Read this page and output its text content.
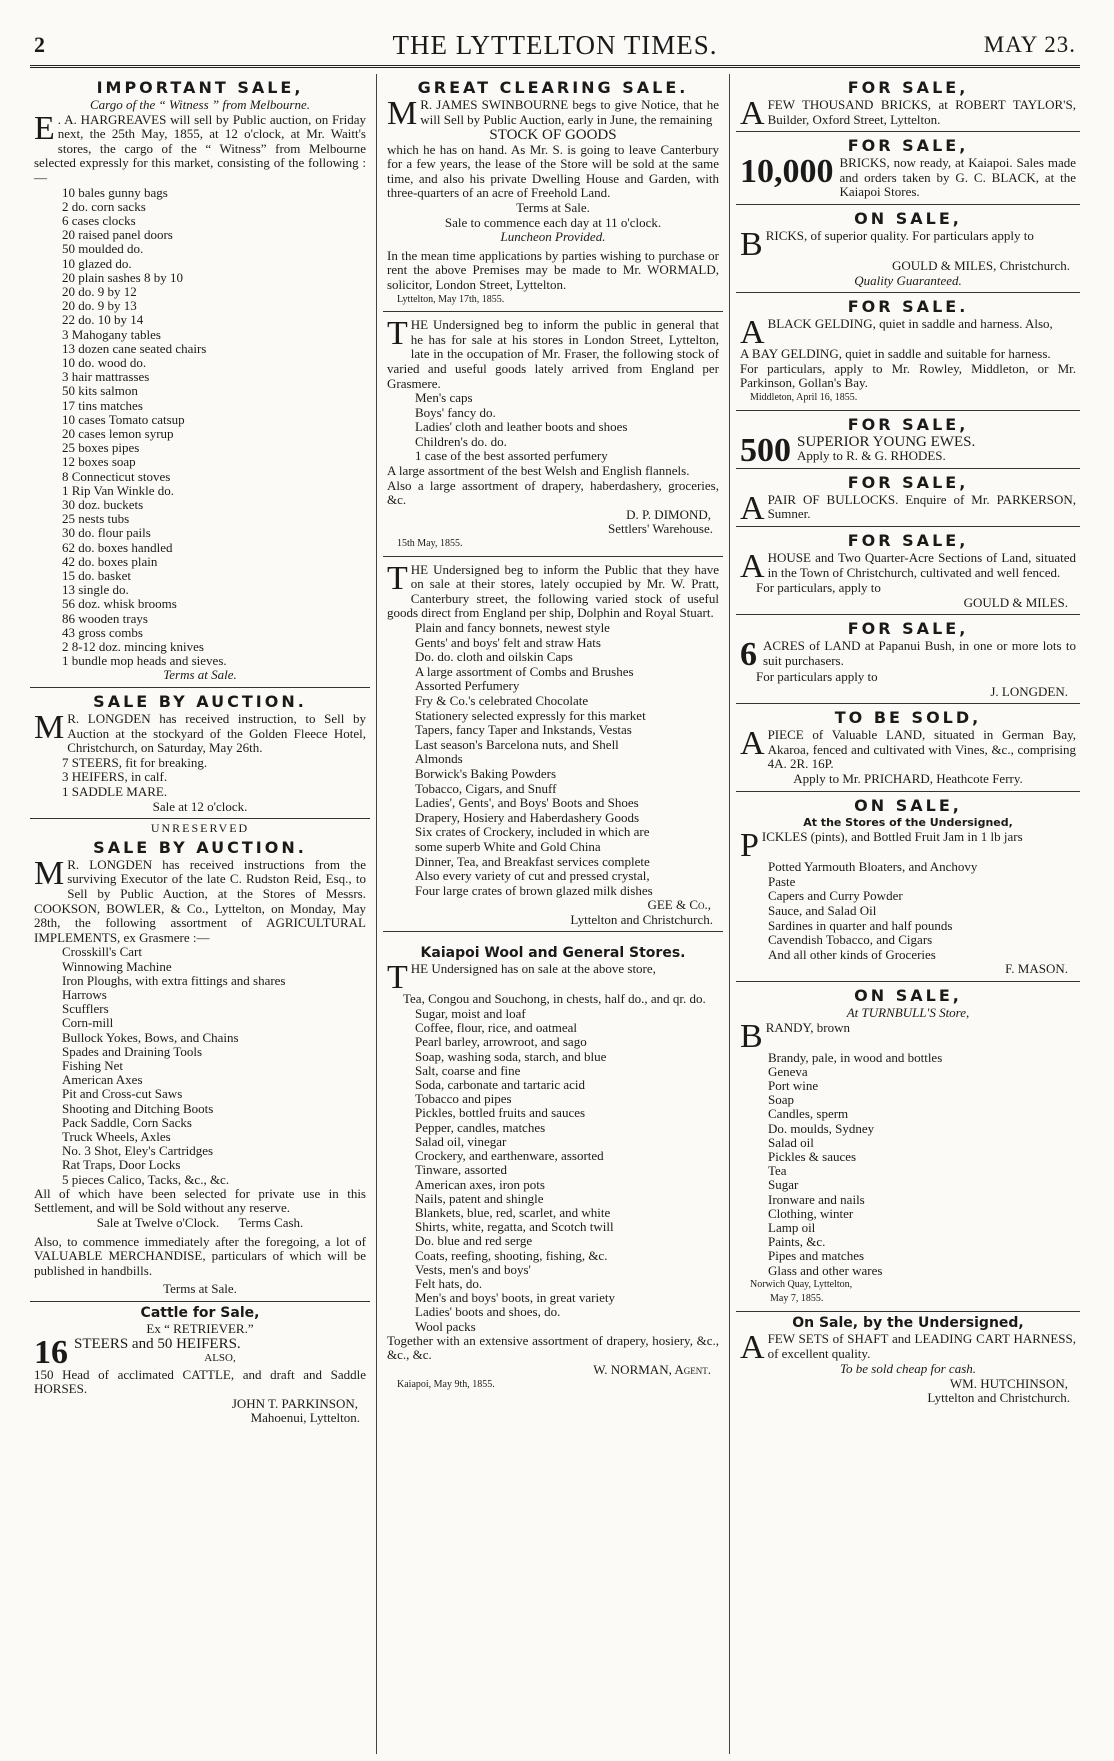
2	THE LYTTELTON TIMES.	MAY 23.
IMPORTANT SALE,
Cargo of the “ Witness ” from Melbourne.

E . A. HARGREAVES will sell by Public auction, on Friday next, the 25th May, 1855, at 12 o'clock, at Mr. Waitt's stores, the cargo of the “ Witness” from Melbourne selected expressly for this market, consisting of the following :—

10 bales gunny bags
2 do. corn sacks
6 cases clocks
20 raised panel doors
50 moulded do.
10 glazed do.
20 plain sashes 8 by 10
20 do. 9 by 12
20 do. 9 by 13
22 do. 10 by 14
3 Mahogany tables
13 dozen cane seated chairs
10 do. wood do.
3 hair mattrasses
50 kits salmon
17 tins matches
10 cases Tomato catsup
20 cases lemon syrup
25 boxes pipes
12 boxes soap
8 Connecticut stoves
1 Rip Van Winkle do.
30 doz. buckets
25 nests tubs
30 do. flour pails
62 do. boxes handled
42 do. boxes plain
15 do. basket
13 single do.
56 doz. whisk brooms
86 wooden trays
43 gross combs
2 8-12 doz. mincing knives
1 bundle mop heads and sieves.
Terms at Sale.
SALE BY AUCTION.

M R. LONGDEN has received instruction, to Sell by Auction at the stockyard of the Golden Fleece Hotel, Christchurch, on Saturday, May 26th.

7 STEERS, fit for breaking.
3 HEIFERS, in calf.
1 SADDLE MARE.
Sale at 12 o'clock.
UNRESERVED
SALE BY AUCTION.

M R. LONGDEN has received instructions from the surviving Executor of the late C. Rudston Reid, Esq., to Sell by Public Auction, at the Stores of Messrs. COOKSON, BOWLER, & Co., Lyttelton, on Monday, May 28th, the following assortment of AGRICULTURAL IMPLEMENTS, ex Grasmere :—

Crosskill's Cart
Winnowing Machine
Iron Ploughs, with extra fittings and shares
Harrows
Scufflers
Corn-mill
Bullock Yokes, Bows, and Chains
Spades and Draining Tools
Fishing Net
American Axes
Pit and Cross-cut Saws
Shooting and Ditching Boots
Pack Saddle, Corn Sacks
Truck Wheels, Axles
No. 3 Shot, Eley's Cartridges
Rat Traps, Door Locks
5 pieces Calico, Tacks, &c., &c.

All of which have been selected for private use in this Settlement, and will be Sold without any reserve.

Sale at Twelve o'Clock.      Terms Cash.

Also, to commence immediately after the foregoing, a lot of VALUABLE MERCHANDISE, particulars of which will be published in handbills.

Terms at Sale.
Cattle for Sale,
Ex “ RETRIEVER.”

16 STEERS and 50 HEIFERS.

ALSO,

150 Head of acclimated CATTLE, and draft and Saddle HORSES.

JOHN T. PARKINSON,
Mahoenui, Lyttelton.
GREAT CLEARING SALE.

M R. JAMES SWINBOURNE begs to give Notice, that he will Sell by Public Auction, early in June, the remaining

STOCK OF GOODS

which he has on hand. As Mr. S. is going to leave Canterbury for a few years, the lease of the Store will be sold at the same time, and also his private Dwelling House and Garden, with three-quarters of an acre of Freehold Land.

Terms at Sale.
Sale to commence each day at 11 o'clock.
Luncheon Provided.

In the mean time applications by parties wishing to purchase or rent the above Premises may be made to Mr. WORMALD, solicitor, London Street, Lyttelton.

Lyttelton, May 17th, 1855.

THE Undersigned beg to inform the public in general that he has for sale at his stores in London Street, Lyttelton, late in the occupation of Mr. Fraser, the following stock of varied and useful goods lately arrived from England per Grasmere.

Men's caps
Boys' fancy do.
Ladies' cloth and leather boots and shoes
Children's do. do.
1 case of the best assorted perfumery

A large assortment of the best Welsh and English flannels.

Also a large assortment of drapery, haberdashery, groceries, &c.

D. P. DIMOND,
Settlers' Warehouse.
15th May, 1855.

THE Undersigned beg to inform the Public that they have on sale at their stores, lately occupied by Mr. W. Pratt, Canterbury street, the following varied stock of useful goods direct from England per ship, Dolphin and Royal Stuart.

Plain and fancy bonnets, newest style
Gents' and boys' felt and straw Hats
Do. do. cloth and oilskin Caps
A large assortment of Combs and Brushes
Assorted Perfumery
Fry & Co.'s celebrated Chocolate
Stationery selected expressly for this market
Tapers, fancy Taper and Inkstands, Vestas
Last season's Barcelona nuts, and Shell
Almonds
Borwick's Baking Powders
Tobacco, Cigars, and Snuff
Ladies', Gents', and Boys' Boots and Shoes
Drapery, Hosiery and Haberdashery Goods
Six crates of Crockery, included in which are
some superb White and Gold China
Dinner, Tea, and Breakfast services complete
Also every variety of cut and pressed crystal,
Four large crates of brown glazed milk dishes
GEE & Co.,
Lyttelton and Christchurch.
Kaiapoi Wool and General Stores.

THE Undersigned has on sale at the above store,

Tea, Congou and Souchong, in chests, half do., and qr. do.

Sugar, moist and loaf
Coffee, flour, rice, and oatmeal
Pearl barley, arrowroot, and sago
Soap, washing soda, starch, and blue
Salt, coarse and fine
Soda, carbonate and tartaric acid
Tobacco and pipes
Pickles, bottled fruits and sauces
Pepper, candles, matches
Salad oil, vinegar
Crockery, and earthenware, assorted
Tinware, assorted
American axes, iron pots
Nails, patent and shingle
Blankets, blue, red, scarlet, and white
Shirts, white, regatta, and Scotch twill
Do. blue and red serge
Coats, reefing, shooting, fishing, &c.
Vests, men's and boys'
Felt hats, do.
Men's and boys' boots, in great variety
Ladies' boots and shoes, do.
Wool packs

Together with an extensive assortment of drapery, hosiery, &c., &c., &c.

W. NORMAN, Agent.
Kaiapoi, May 9th, 1855.
FOR SALE,

AFEW THOUSAND BRICKS, at ROBERT TAYLOR'S, Builder, Oxford Street, Lyttelton.

FOR SALE,

10,000 BRICKS, now ready, at Kaiapoi. Sales made and orders taken by G. C. BLACK, at the Kaiapoi Stores.

ON SALE,

BRICKS, of superior quality. For particulars apply to

GOULD & MILES, Christchurch.
Quality Guaranteed.
FOR SALE.

ABLACK GELDING, quiet in saddle and harness. Also,

A BAY GELDING, quiet in saddle and suitable for harness.

For particulars, apply to Mr. Rowley, Middleton, or Mr. Parkinson, Gollan's Bay.

Middleton, April 16, 1855.
FOR SALE,

500 SUPERIOR YOUNG EWES.
Apply to R. & G. RHODES.

FOR SALE,

APAIR OF BULLOCKS. Enquire of Mr. PARKERSON, Sumner.

FOR SALE,

AHOUSE and Two Quarter-Acre Sections of Land, situated in the Town of Christchurch, cultivated and well fenced.

For particulars, apply to
GOULD & MILES.
FOR SALE,

6 ACRES of LAND at Papanui Bush, in one or more lots to suit purchasers.

For particulars apply to
J. LONGDEN.
TO BE SOLD,

APIECE of Valuable LAND, situated in German Bay, Akaroa, fenced and cultivated with Vines, &c., comprising 4A. 2R. 16P.

Apply to Mr. PRICHARD, Heathcote Ferry.
ON SALE,
At the Stores of the Undersigned,

PICKLES (pints), and Bottled Fruit Jam in 1 lb jars

Potted Yarmouth Bloaters, and Anchovy
Paste
Capers and Curry Powder
Sauce, and Salad Oil
Sardines in quarter and half pounds
Cavendish Tobacco, and Cigars
And all other kinds of Groceries
F. MASON.
ON SALE,
At TURNBULL'S Store,

BRANDY, brown

Brandy, pale, in wood and bottles
Geneva
Port wine
Soap
Candles, sperm
Do. moulds, Sydney
Salad oil
Pickles & sauces
Tea
Sugar
Ironware and nails
Clothing, winter
Lamp oil
Paints, &c.
Pipes and matches
Glass and other wares
Norwich Quay, Lyttelton,
May 7, 1855.
On Sale, by the Undersigned,

AFEW SETS of SHAFT and LEADING CART HARNESS, of excellent quality.

To be sold cheap for cash.
WM. HUTCHINSON,
Lyttelton and Christchurch.
